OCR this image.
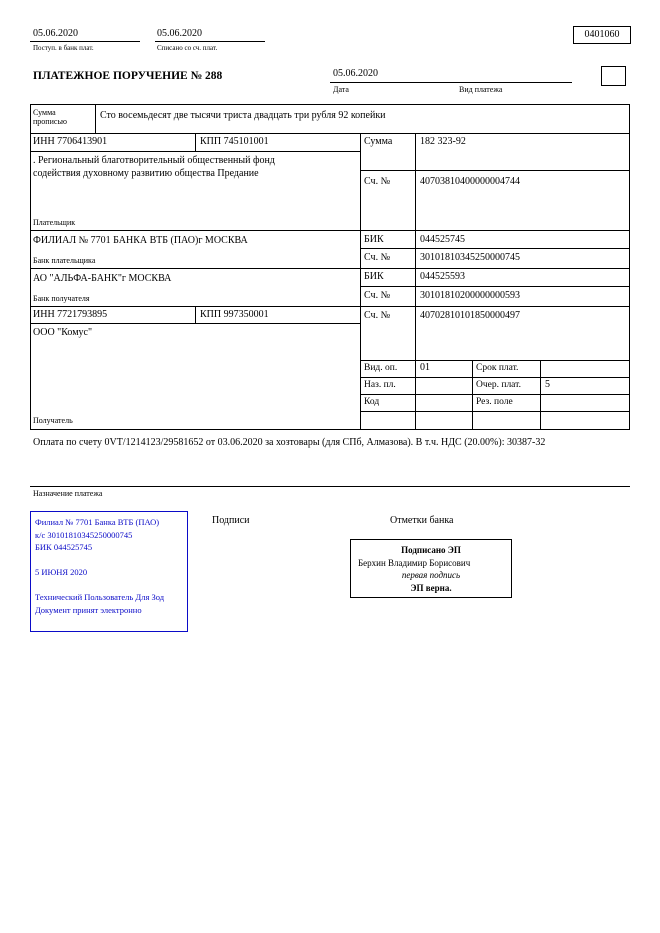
05.06.2020
Поступ. в банк плат.
05.06.2020
Списано со сч. плат.
0401060
ПЛАТЕЖНОЕ ПОРУЧЕНИЕ № 288	05.06.2020
Дата	Вид платежа
Сумма прописью
Сто восемьдесят две тысячи триста двадцать три рубля 92 копейки
ИНН 7706413901	КПП 745101001	Сумма	182 323-92
. Региональный благотворительный общественный фонд содействия духовному развитию общества Предание
Плательщик
Сч. №	40703810400000004744
ФИЛИАЛ № 7701 БАНКА ВТБ (ПАО)г МОСКВА
Банк плательщика
БИК	044525745
Сч. №	30101810345250000745
АО "АЛЬФА-БАНК"г МОСКВА
Банк получателя
БИК	044525593
Сч. №	30101810200000000593
ИНН 7721793895	КПП 997350001	Сч. №	40702810101850000497
ООО "Комус"
Получатель
Вид. оп. 01	Срок плат.
Наз. пл.	Очер. плат. 5
Код	Рез. поле
Оплата по счету 0VT/1214123/29581652 от 03.06.2020 за хозтовары (для СПб, Алмазова). В т.ч. НДС (20.00%): 30387-32
Назначение платежа
Подписи	Отметки банка
Филиал № 7701 Банка ВТБ (ПАО)
к/с 30101810345250000745
БИК 044525745
5 ИЮНЯ 2020
Технический Пользователь Для Зод
Документ принят электронно
Подписано ЭП
Берхин Владимир Борисович
первая подпись
ЭП верна.
